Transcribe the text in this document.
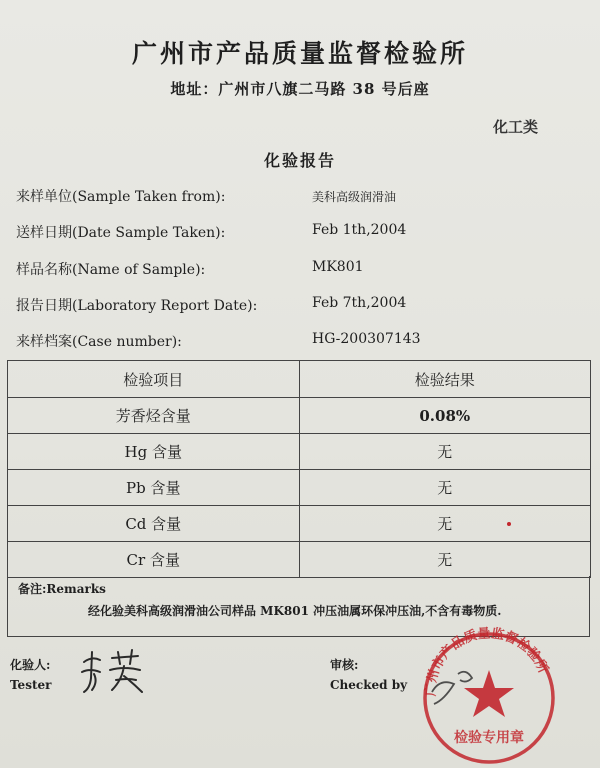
广州市产品质量监督检验所
地址：广州市八旗二马路 38 号后座
化工类
化验报告
来样单位(Sample Taken from):	美科高级润滑油
送样日期(Date Sample Taken):	Feb 1th,2004
样品名称(Name of Sample):	MK801
报告日期(Laboratory Report Date):	Feb 7th,2004
来样档案(Case number):	HG-200307143
检验项目	检验结果
芳香烃含量	0.08%
Hg 含量	无
Pb 含量	无
Cd 含量	无
Cr 含量	无
备注:Remarks
经化验美科高级润滑油公司样品 MK801 冲压油属环保冲压油,不含有毒物质.
化验人:
Tester
审核:
Checked by 广州市产品质量监督检验所
检验专用章
